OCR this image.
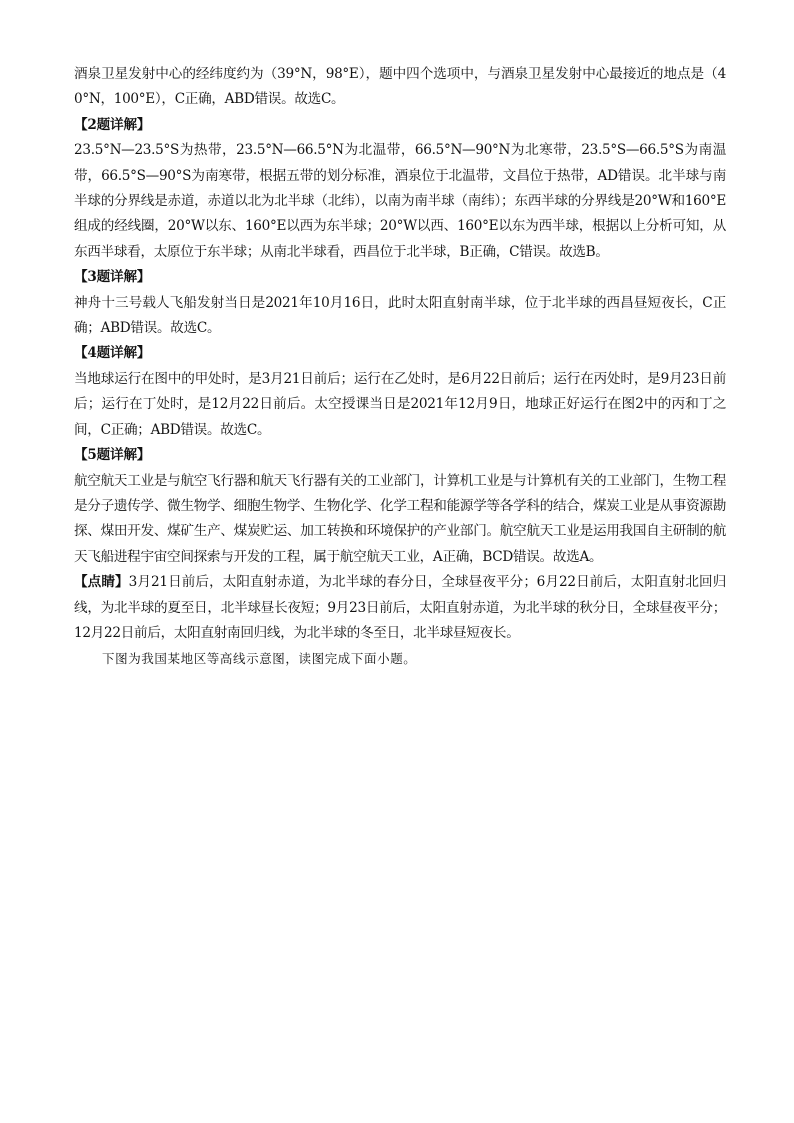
酒泉卫星发射中心的经纬度约为（39°N，98°E），题中四个选项中，与酒泉卫星发射中心最接近的地点是（40°N，100°E），C正确，ABD错误。故选C。

【2题详解】

23.5°N—23.5°S为热带，23.5°N—66.5°N为北温带，66.5°N—90°N为北寒带，23.5°S—66.5°S为南温带，66.5°S—90°S为南寒带，根据五带的划分标准，酒泉位于北温带，文昌位于热带，AD错误。北半球与南半球的分界线是赤道，赤道以北为北半球（北纬），以南为南半球（南纬）；东西半球的分界线是20°W和160°E组成的经线圈，20°W以东、160°E以西为东半球；20°W以西、160°E以东为西半球，根据以上分析可知，从东西半球看，太原位于东半球；从南北半球看，西昌位于北半球，B正确，C错误。故选B。

【3题详解】

神舟十三号载人飞船发射当日是2021年10月16日，此时太阳直射南半球，位于北半球的西昌昼短夜长，C正确；ABD错误。故选C。

【4题详解】

当地球运行在图中的甲处时，是3月21日前后；运行在乙处时，是6月22日前后；运行在丙处时，是9月23日前后；运行在丁处时，是12月22日前后。太空授课当日是2021年12月9日，地球正好运行在图2中的丙和丁之间，C正确；ABD错误。故选C。

【5题详解】

航空航天工业是与航空飞行器和航天飞行器有关的工业部门，计算机工业是与计算机有关的工业部门，生物工程是分子遗传学、微生物学、细胞生物学、生物化学、化学工程和能源学等各学科的结合，煤炭工业是从事资源勘探、煤田开发、煤矿生产、煤炭贮运、加工转换和环境保护的产业部门。航空航天工业是运用我国自主研制的航天飞船进程宇宙空间探索与开发的工程，属于航空航天工业，A正确，BCD错误。故选A。

【点睛】3月21日前后，太阳直射赤道，为北半球的春分日，全球昼夜平分；6月22日前后，太阳直射北回归线，为北半球的夏至日，北半球昼长夜短；9月23日前后，太阳直射赤道，为北半球的秋分日，全球昼夜平分；12月22日前后，太阳直射南回归线，为北半球的冬至日，北半球昼短夜长。

下图为我国某地区等高线示意图，读图完成下面小题。
